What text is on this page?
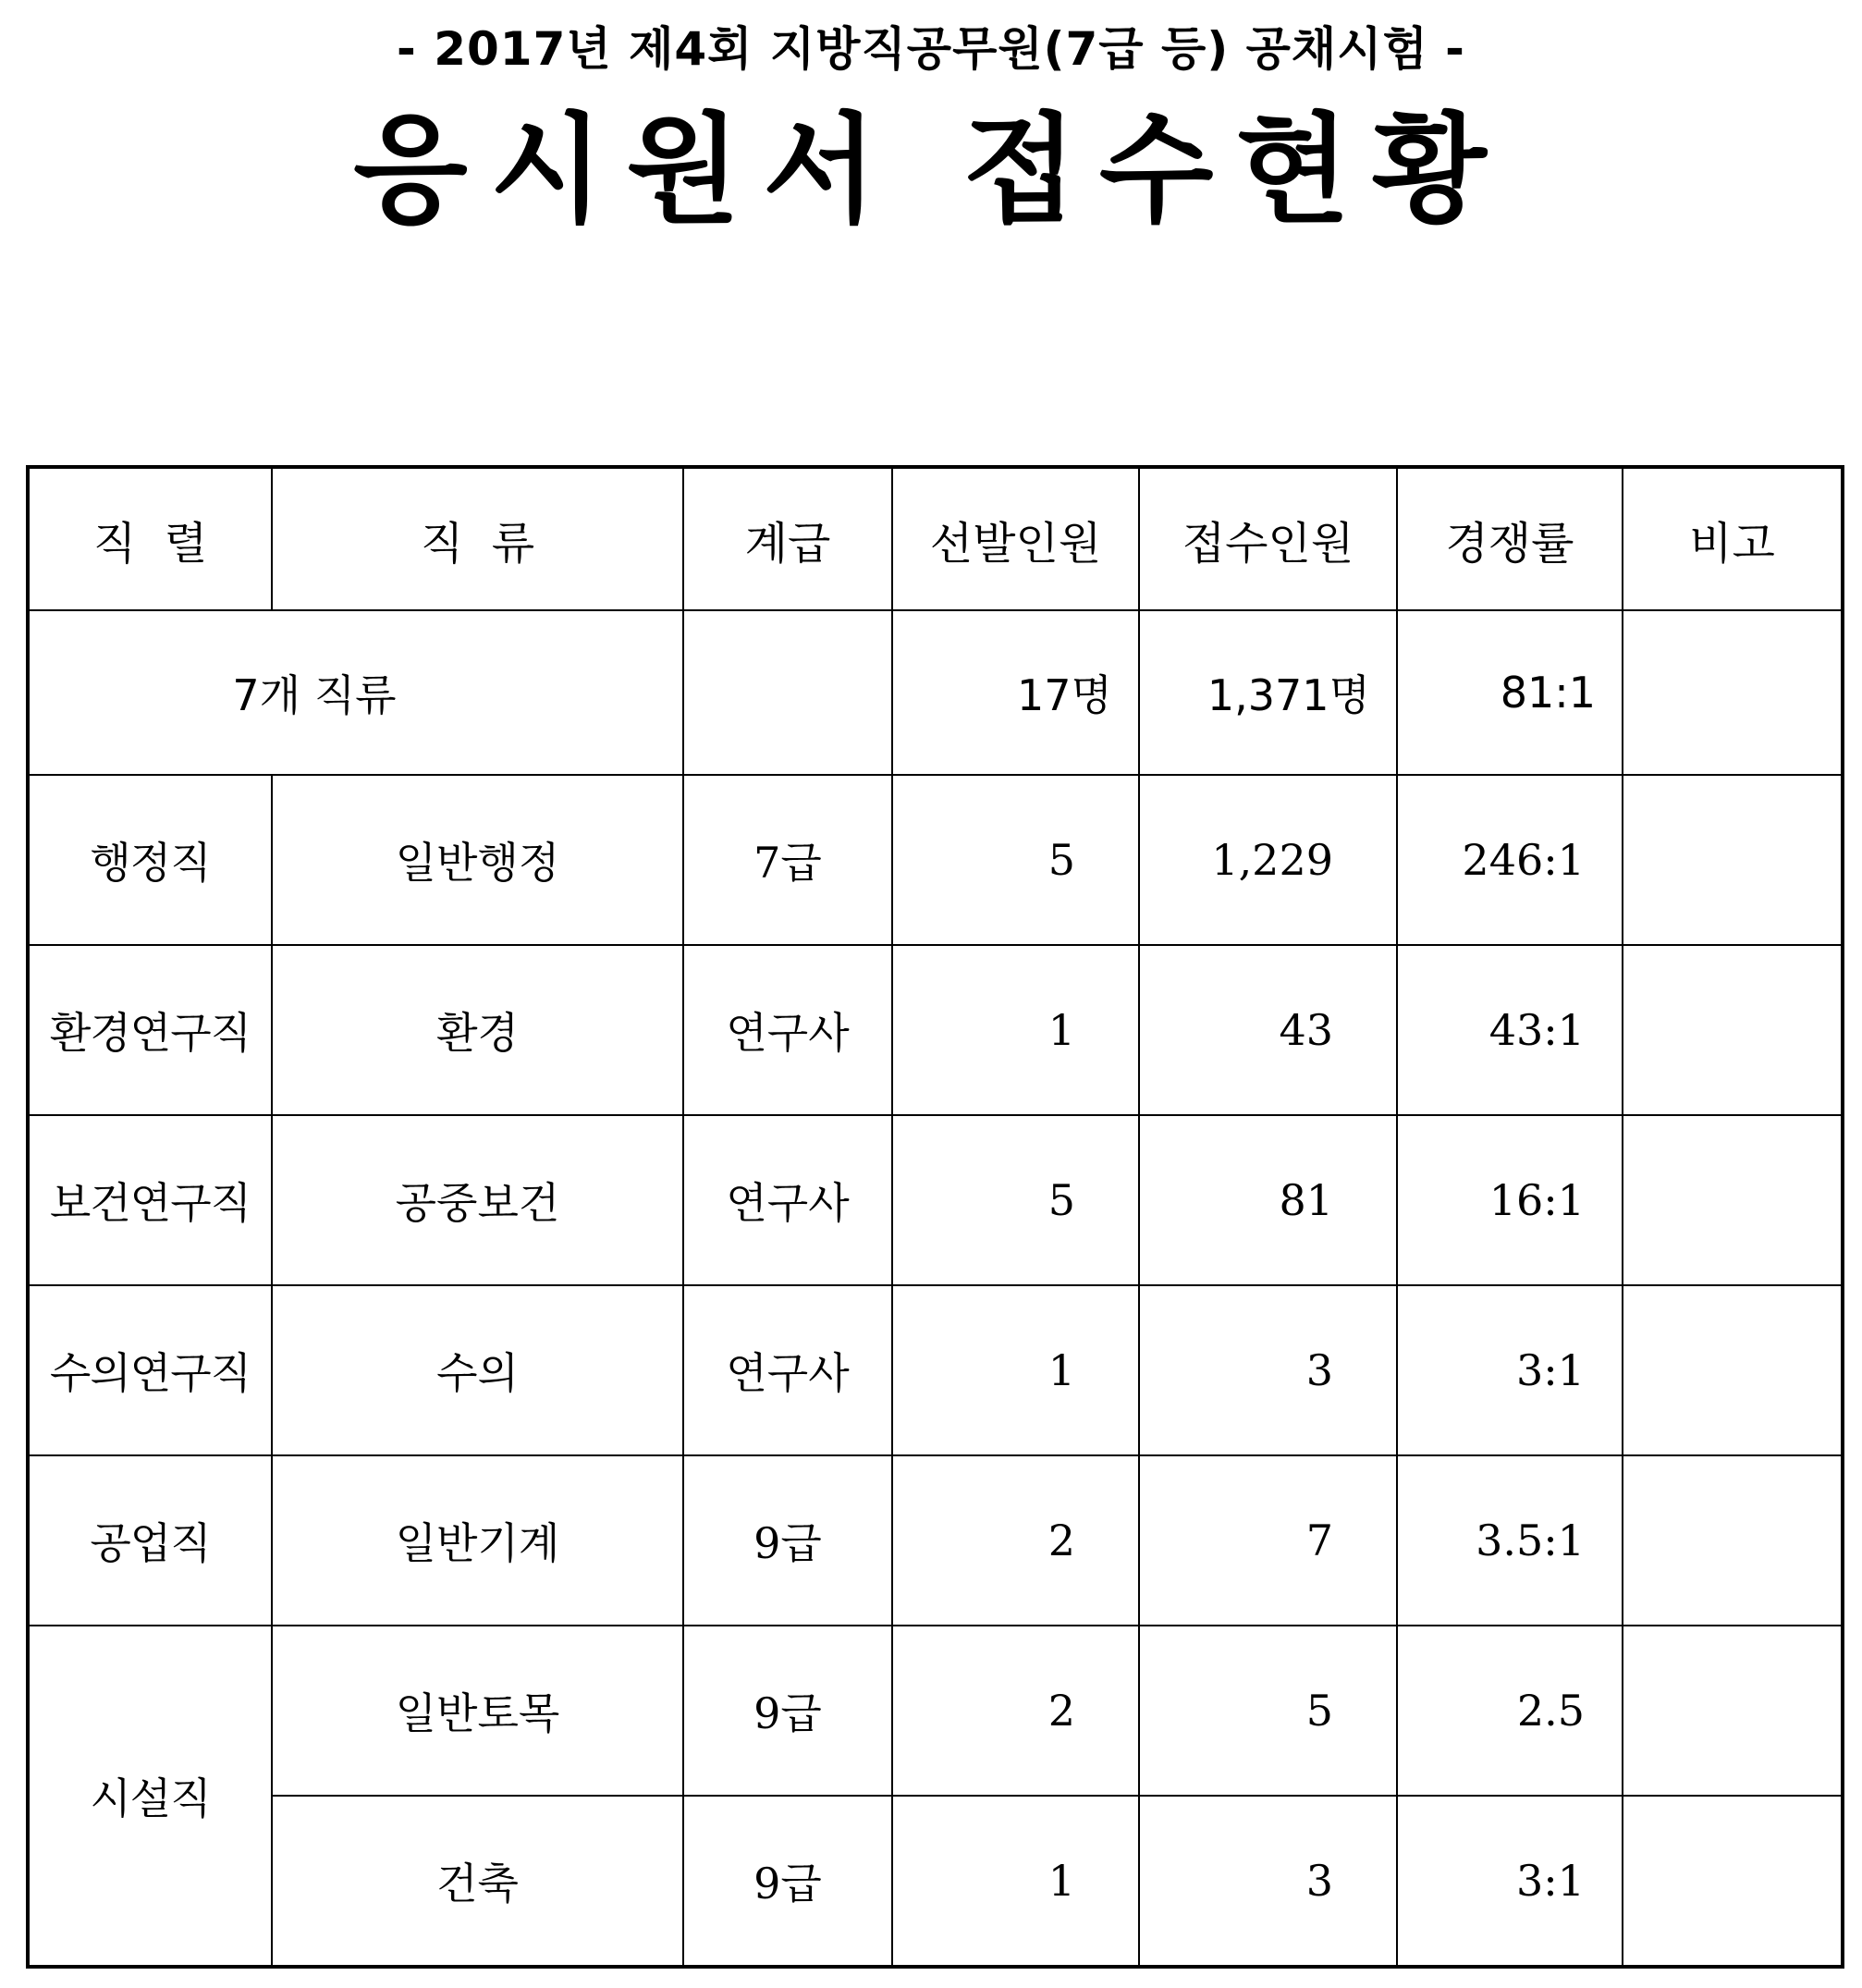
- 2017년 제4회 지방직공무원(7급 등) 공채시험 -
응시원서 접수현황
직  렬	직  류	계급	선발인원	접수인원	경쟁률	비고
7개 직류			17명	1,371명	81:1	
행정직	일반행정	7급	5	1,229	246:1	
환경연구직	환경	연구사	1	43	43:1	
보건연구직	공중보건	연구사	5	81	16:1	
수의연구직	수의	연구사	1	3	3:1	
공업직	일반기계	9급	2	7	3.5:1	
시설직	일반토목	9급	2	5	2.5	
	건축	9급	1	3	3:1	
